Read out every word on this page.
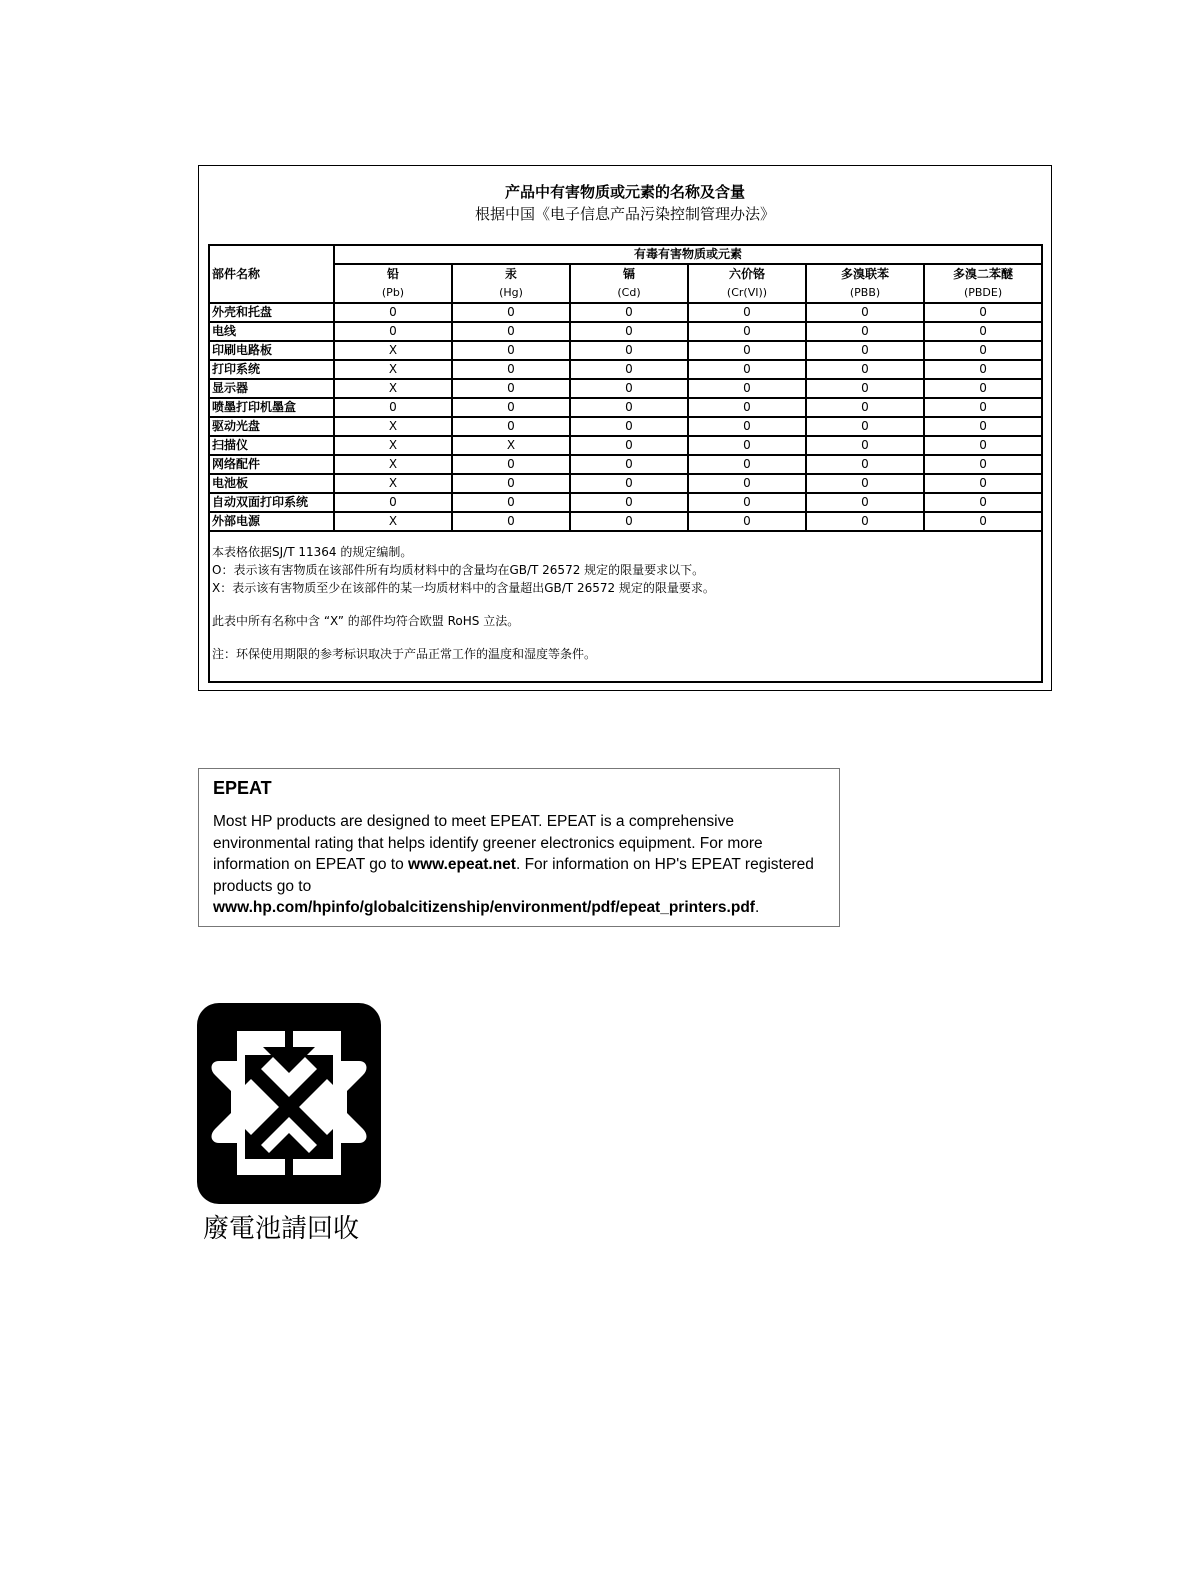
产品中有害物质或元素的名称及含量
根据中国《电子信息产品污染控制管理办法》
部件名称	有毒有害物质或元素					
	铅	汞	镉	六价铬	多溴联苯	多溴二苯醚
	(Pb)	(Hg)	(Cd)	(Cr(VI))	(PBB)	(PBDE)
外壳和托盘	0	0	0	0	0	0
电线	0	0	0	0	0	0
印刷电路板	X	0	0	0	0	0
打印系统	X	0	0	0	0	0
显示器	X	0	0	0	0	0
喷墨打印机墨盒	0	0	0	0	0	0
驱动光盘	X	0	0	0	0	0
扫描仪	X	X	0	0	0	0
网络配件	X	0	0	0	0	0
电池板	X	0	0	0	0	0
自动双面打印系统	0	0	0	0	0	0
外部电源	X	0	0	0	0	0

本表格依据SJ/T 11364 的规定编制。

O：表示该有害物质在该部件所有均质材料中的含量均在GB/T 26572 规定的限量要求以下。

X：表示该有害物质至少在该部件的某一均质材料中的含量超出GB/T 26572 规定的限量要求。

此表中所有名称中含 “X” 的部件均符合欧盟 RoHS 立法。

注：环保使用期限的参考标识取决于产品正常工作的温度和湿度等条件。

EPEAT
Most HP products are designed to meet EPEAT. EPEAT is a comprehensive environmental rating that helps identify greener electronics equipment. For more information on EPEAT go to www.epeat.net. For information on HP's EPEAT registered products go to
www.hp.com/hpinfo/globalcitizenship/environment/pdf/epeat_printers.pdf.
廢電池請回收
